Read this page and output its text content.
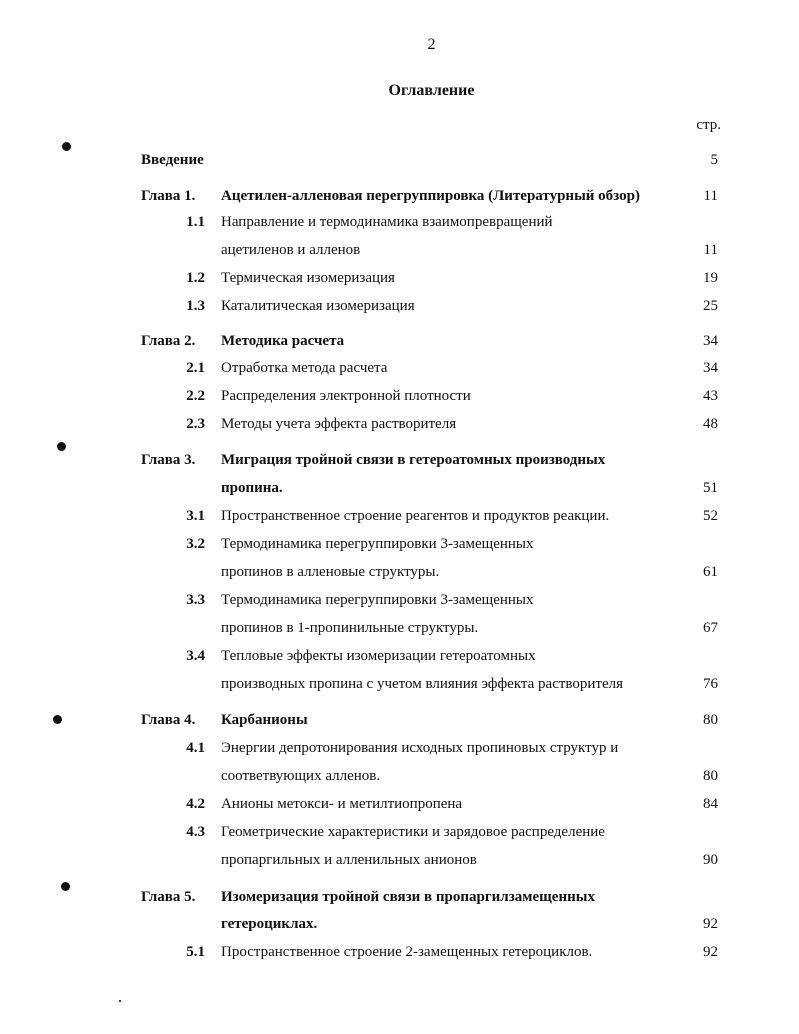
2
Оглавление
стр.
Введение	5
Глава 1. Ацетилен-алленовая перегруппировка (Литературный обзор)	11
1.1 Направление и термодинамика взаимопревращений
ацетиленов и алленов	11
1.2 Термическая изомеризация	19
1.3 Каталитическая изомеризация	25
Глава 2. Методика расчета	34
2.1 Отработка метода расчета	34
2.2 Распределения электронной плотности	43
2.3 Методы учета эффекта растворителя	48
Глава 3. Миграция тройной связи в гетероатомных производных
пропина.	51
3.1 Пространственное строение реагентов и продуктов реакции.	52
3.2 Термодинамика перегруппировки 3-замещенных
пропинов в алленовые структуры.	61
3.3 Термодинамика перегруппировки 3-замещенных
пропинов в 1-пропинильные структуры.	67
3.4 Тепловые эффекты изомеризации гетероатомных
производных пропина с учетом влияния эффекта растворителя	76
Глава 4. Карбанионы	80
4.1 Энергии депротонирования исходных пропиновых структур и
соответвующих алленов.	80
4.2 Анионы метокси- и метилтиопропена	84
4.3 Геометрические характеристики и зарядовое распределение
пропаргильных и алленильных анионов	90
Глава 5. Изомеризация тройной связи в пропаргилзамещенных
гетероциклах.	92
5.1 Пространственное строение 2-замещенных гетероциклов.	92
